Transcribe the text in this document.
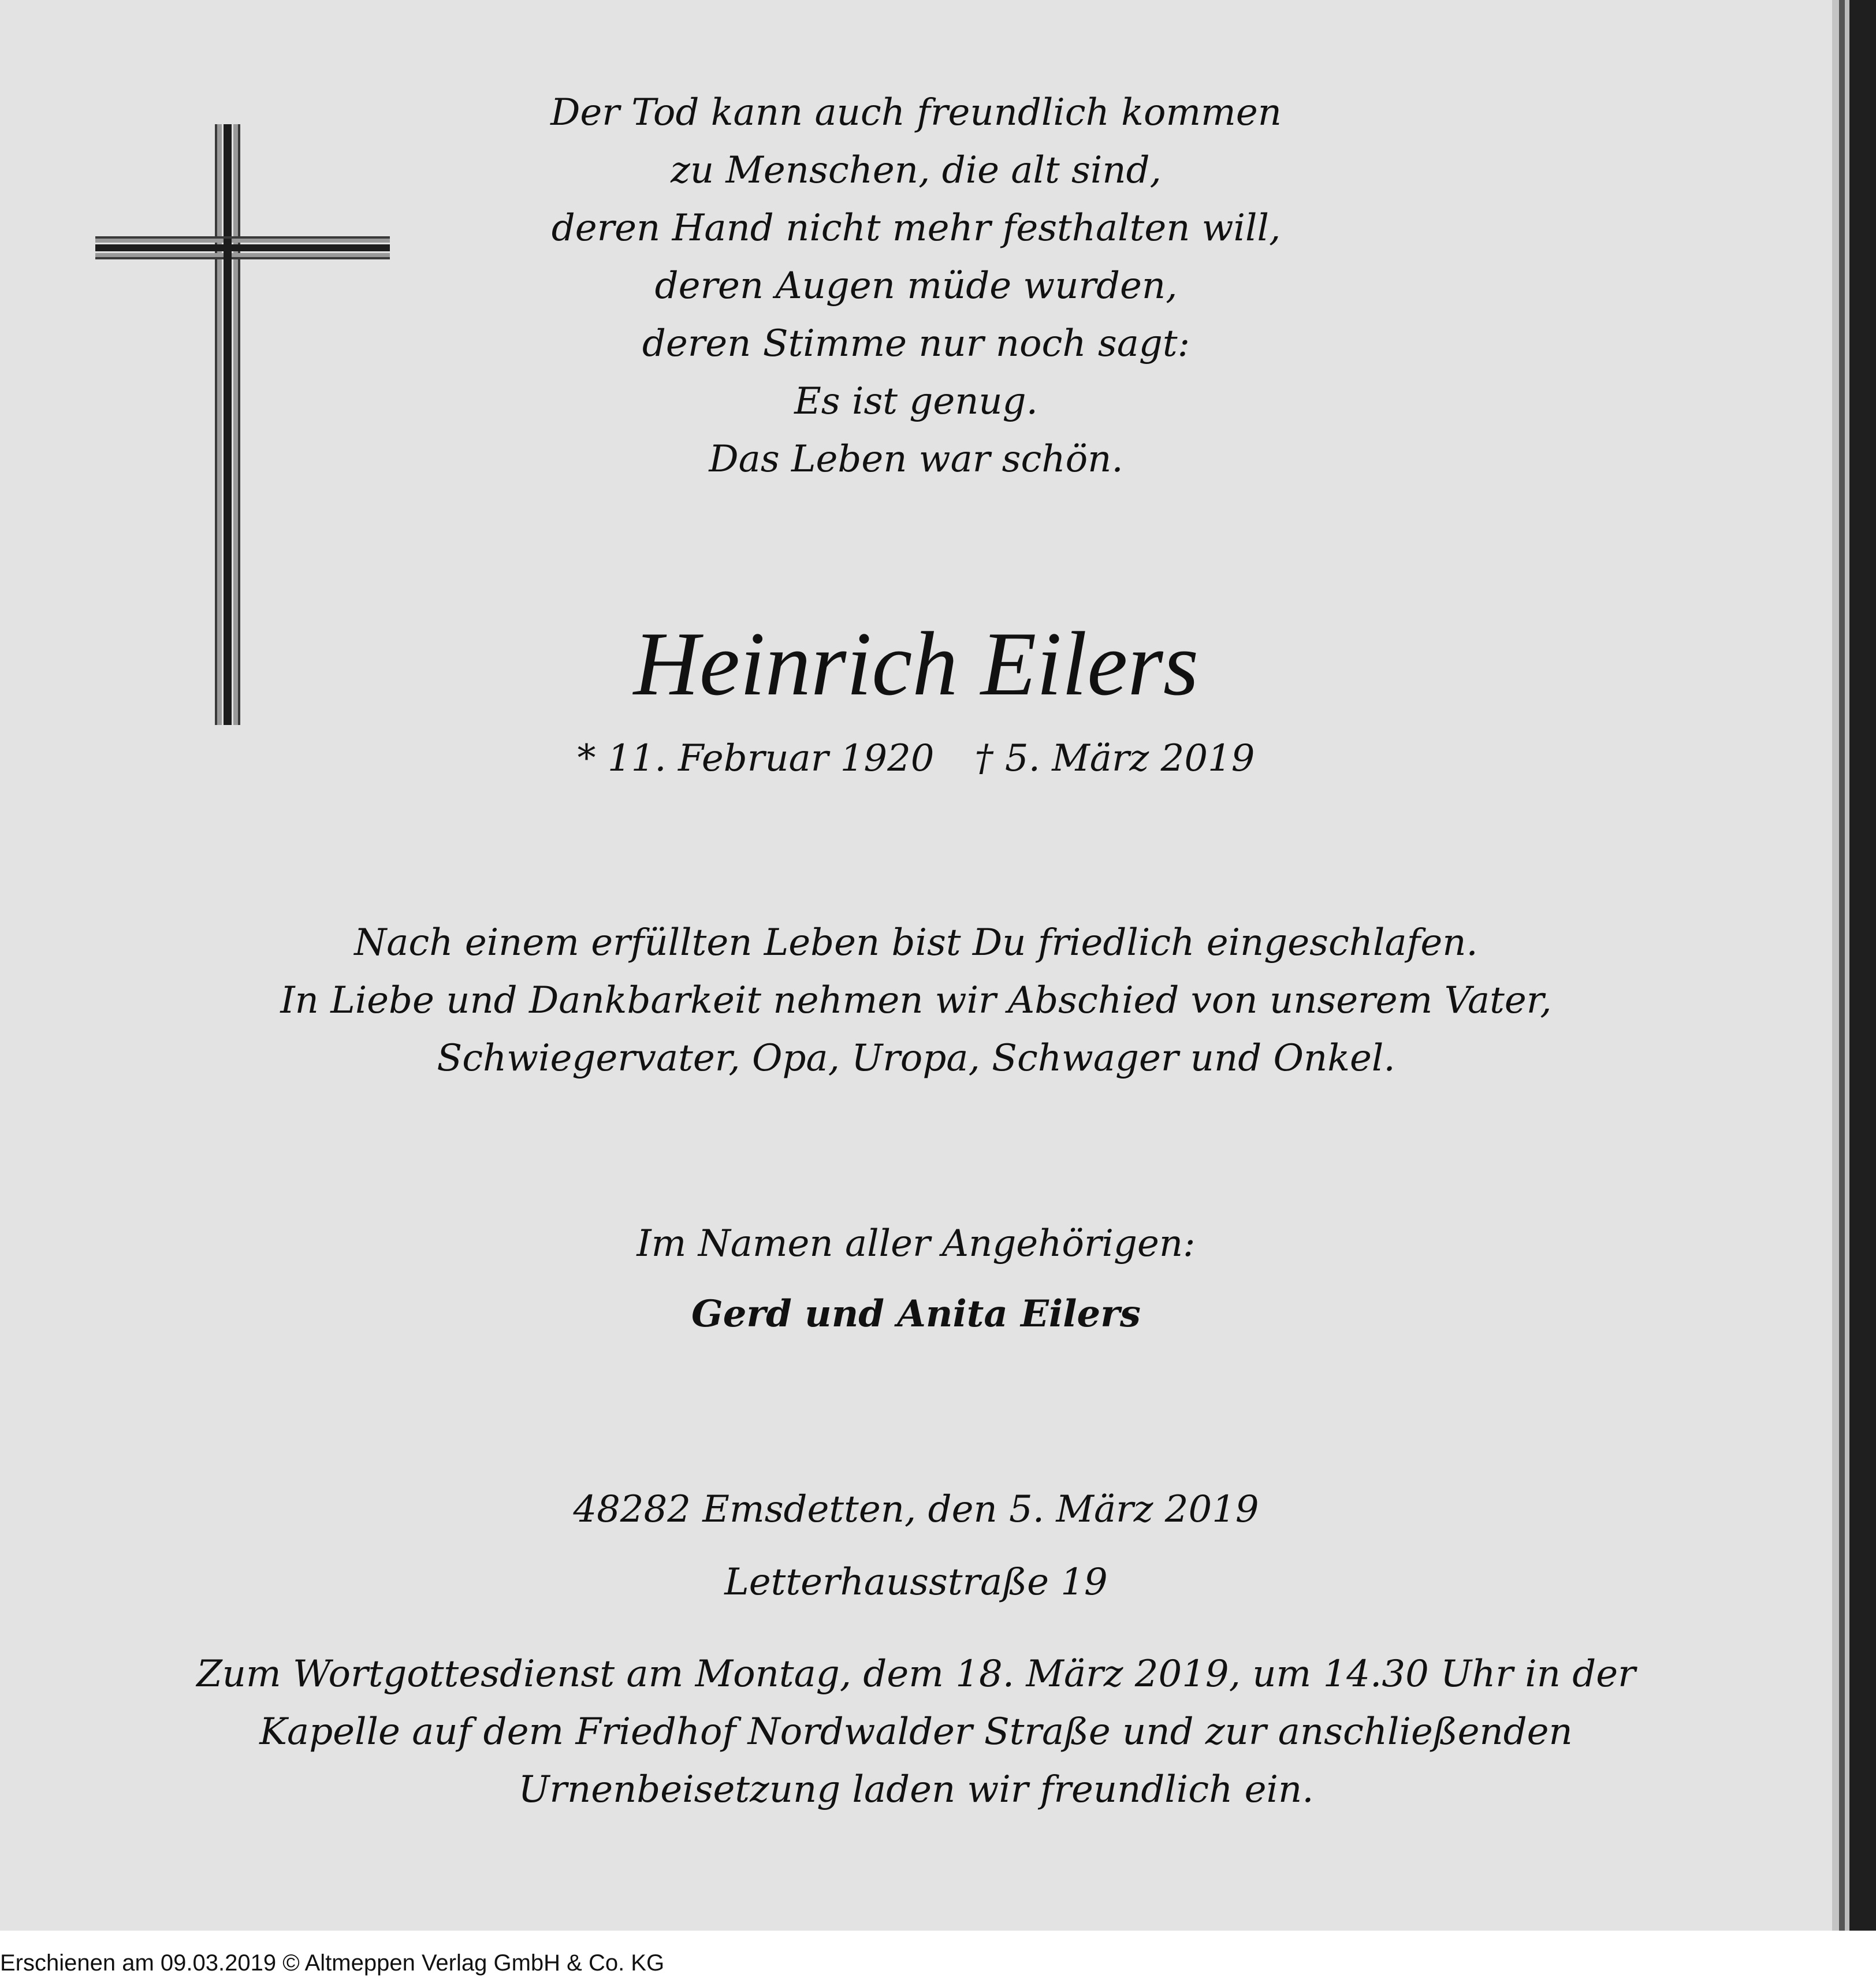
Der Tod kann auch freundlich kommen
zu Menschen, die alt sind,
deren Hand nicht mehr festhalten will,
deren Augen müde wurden,
deren Stimme nur noch sagt:
Es ist genug.
Das Leben war schön.
Heinrich Eilers
* 11. Februar 1920 † 5. März 2019
Nach einem erfüllten Leben bist Du friedlich eingeschlafen.
In Liebe und Dankbarkeit nehmen wir Abschied von unserem Vater,
Schwiegervater, Opa, Uropa, Schwager und Onkel.
Im Namen aller Angehörigen:
Gerd und Anita Eilers
48282 Emsdetten, den 5. März 2019
Letterhausstraße 19
Zum Wortgottesdienst am Montag, dem 18. März 2019, um 14.30 Uhr in der
Kapelle auf dem Friedhof Nordwalder Straße und zur anschließenden
Urnenbeisetzung laden wir freundlich ein.
Erschienen am 09.03.2019 © Altmeppen Verlag GmbH & Co. KG
